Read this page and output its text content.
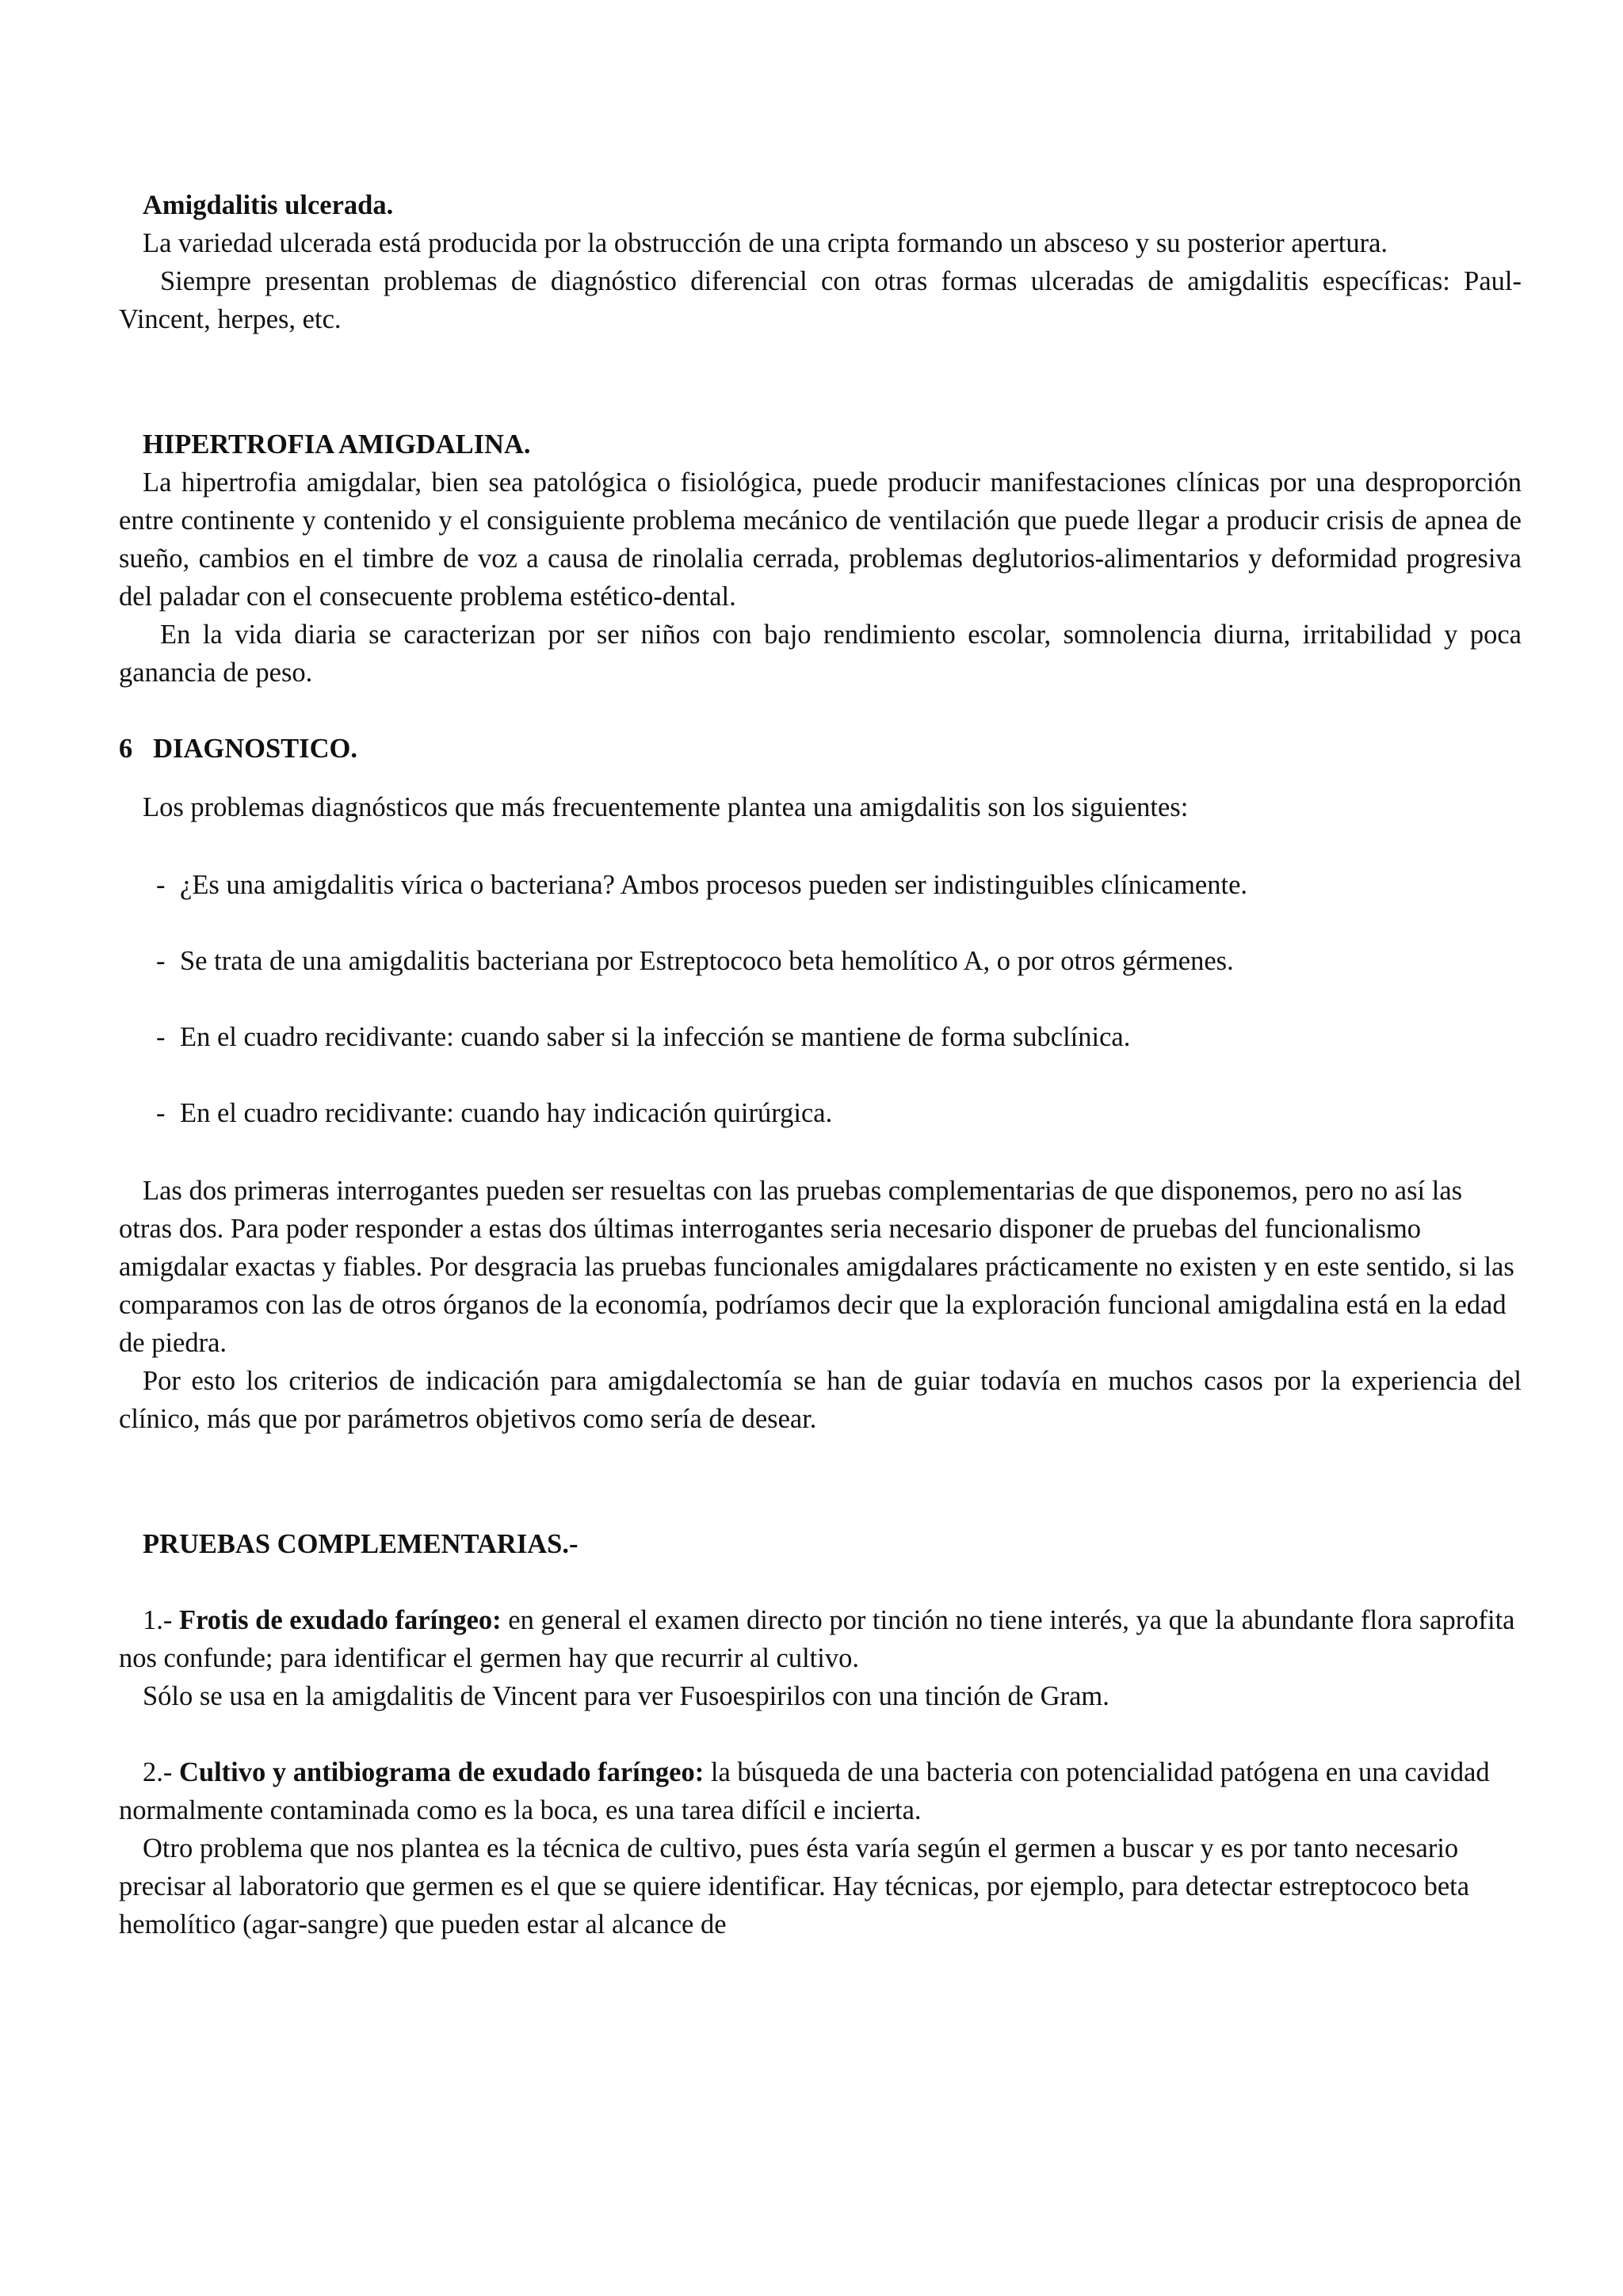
Amigdalitis ulcerada.

La variedad ulcerada está producida por la obstrucción de una cripta formando un absceso y su posterior apertura.

Siempre presentan problemas de diagnóstico diferencial con otras formas ulceradas de amigdalitis específicas: Paul-Vincent, herpes, etc.

HIPERTROFIA AMIGDALINA.

La hipertrofia amigdalar, bien sea patológica o fisiológica, puede producir manifestaciones clínicas por una desproporción entre continente y contenido y el consiguiente problema mecánico de ventilación que puede llegar a producir crisis de apnea de sueño, cambios en el timbre de voz a causa de rinolalia cerrada, problemas deglutorios-alimentarios y deformidad progresiva del paladar con el consecuente problema estético-dental.

En la vida diaria se caracterizan por ser niños con bajo rendimiento escolar, somnolencia diurna, irritabilidad y poca ganancia de peso.

6   DIAGNOSTICO.

Los problemas diagnósticos que más frecuentemente plantea una amigdalitis son los siguientes:

- ¿Es una amigdalitis vírica o bacteriana? Ambos procesos pueden ser indistinguibles clínicamente.
- Se trata de una amigdalitis bacteriana por Estreptococo beta hemolítico A, o por otros gérmenes.
- En el cuadro recidivante: cuando saber si la infección se mantiene de forma subclínica.
- En el cuadro recidivante: cuando hay indicación quirúrgica.

Las dos primeras interrogantes pueden ser resueltas con las pruebas complementarias de que disponemos, pero no así las otras dos. Para poder responder a estas dos últimas interrogantes seria necesario disponer de pruebas del funcionalismo amigdalar exactas y fiables. Por desgracia las pruebas funcionales amigdalares prácticamente no existen y en este sentido, si las comparamos con las de otros órganos de la economía, podríamos decir que la exploración funcional amigdalina está en la edad de piedra.

Por esto los criterios de indicación para amigdalectomía se han de guiar todavía en muchos casos por la experiencia del clínico, más que por parámetros objetivos como sería de desear.

PRUEBAS COMPLEMENTARIAS.-

1.- Frotis de exudado faríngeo: en general el examen directo por tinción no tiene interés, ya que la abundante flora saprofita nos confunde; para identificar el germen hay que recurrir al cultivo.

Sólo se usa en la amigdalitis de Vincent para ver Fusoespirilos con una tinción de Gram.

2.- Cultivo y antibiograma de exudado faríngeo: la búsqueda de una bacteria con potencialidad patógena en una cavidad normalmente contaminada como es la boca, es una tarea difícil e incierta.

Otro problema que nos plantea es la técnica de cultivo, pues ésta varía según el germen a buscar y es por tanto necesario precisar al laboratorio que germen es el que se quiere identificar. Hay técnicas, por ejemplo, para detectar estreptococo beta hemolítico (agar-sangre) que pueden estar al alcance de
